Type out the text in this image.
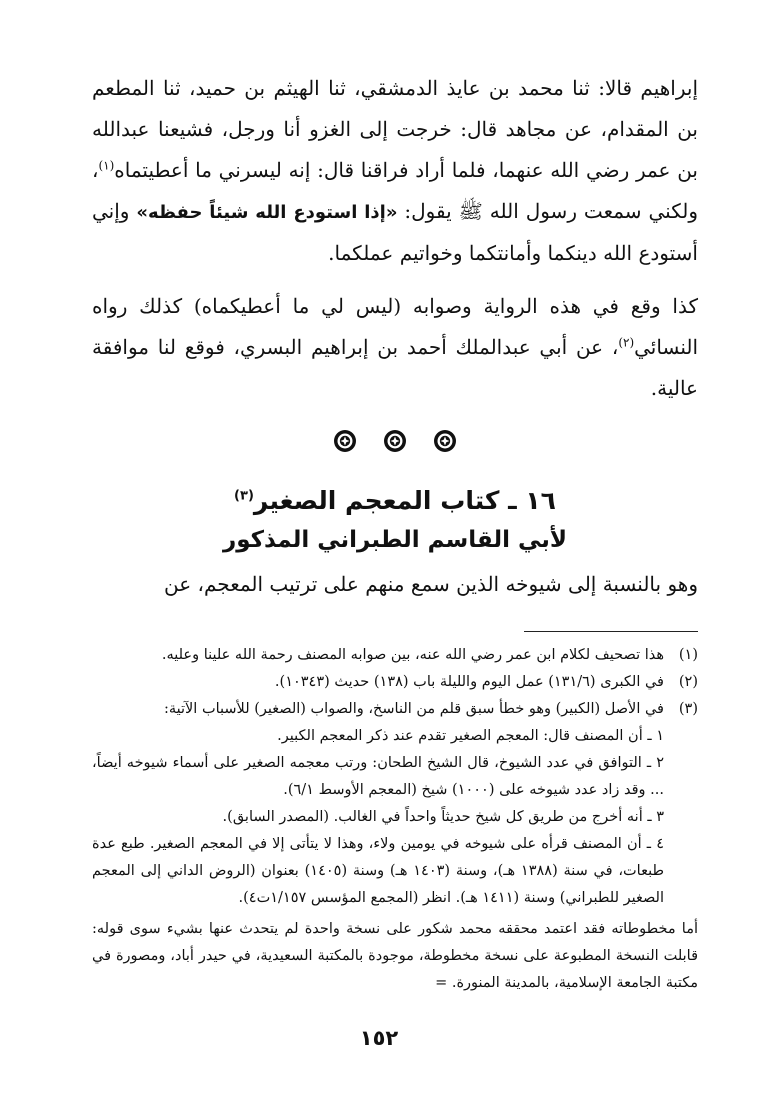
إبراهيم قالا: ثنا محمد بن عايذ الدمشقي، ثنا الهيثم بن حميد، ثنا المطعم بن المقدام، عن مجاهد قال: خرجت إلى الغزو أنا ورجل، فشيعنا عبدالله بن عمر رضي الله عنهما، فلما أراد فراقنا قال: إنه ليسرني ما أعطيتماه$^{(١)}$، ولكني سمعت رسول الله ﷺ يقول: «إذا استودع الله شيئاً حفظه» وإني أستودع الله دينكما وأمانتكما وخواتيم عملكما.

كذا وقع في هذه الرواية وصوابه (ليس لي ما أعطيكماه) كذلك رواه النسائي$^{(٢)}$، عن أبي عبدالملك أحمد بن إبراهيم البسري، فوقع لنا موافقة عالية.

١٦ ـ كتاب المعجم الصغير$^{(٣)}$
لأبي القاسم الطبراني المذكور

وهو بالنسبة إلى شيوخه الذين سمع منهم على ترتيب المعجم، عن

(١)
هذا تصحيف لكلام ابن عمر رضي الله عنه، بين صوابه المصنف رحمة الله علينا وعليه.
(٢)
في الكبرى (١٣١/٦) عمل اليوم والليلة باب (١٣٨) حديث (١٠٣٤٣).
(٣)
في الأصل (الكبير) وهو خطأ سبق قلم من الناسخ، والصواب (الصغير) للأسباب الآتية:
١ ـ أن المصنف قال: المعجم الصغير تقدم عند ذكر المعجم الكبير.
٢ ـ التوافق في عدد الشيوخ، قال الشيخ الطحان: ورتب معجمه الصغير على أسماء شيوخه أيضاً، ... وقد زاد عدد شيوخه على (١٠٠٠) شيخ (المعجم الأوسط ٦/١).
٣ ـ أنه أخرج من طريق كل شيخ حديثاً واحداً في الغالب. (المصدر السابق).
٤ ـ أن المصنف قرأه على شيوخه في يومين ولاء، وهذا لا يتأتى إلا في المعجم الصغير. طبع عدة طبعات، في سنة (١٣٨٨ هـ)، وسنة (١٤٠٣ هـ) وسنة (١٤٠٥) بعنوان (الروض الداني إلى المعجم الصغير للطبراني) وسنة (١٤١١ هـ). انظر (المجمع المؤسس ١/١٥٧ت٤).
أما مخطوطاته فقد اعتمد محققه محمد شكور على نسخة واحدة لم يتحدث عنها بشيء سوى قوله: قابلت النسخة المطبوعة على نسخة مخطوطة، موجودة بالمكتبة السعيدية، في حيدر أباد، ومصورة في مكتبة الجامعة الإسلامية، بالمدينة المنورة. =
١٥٢
